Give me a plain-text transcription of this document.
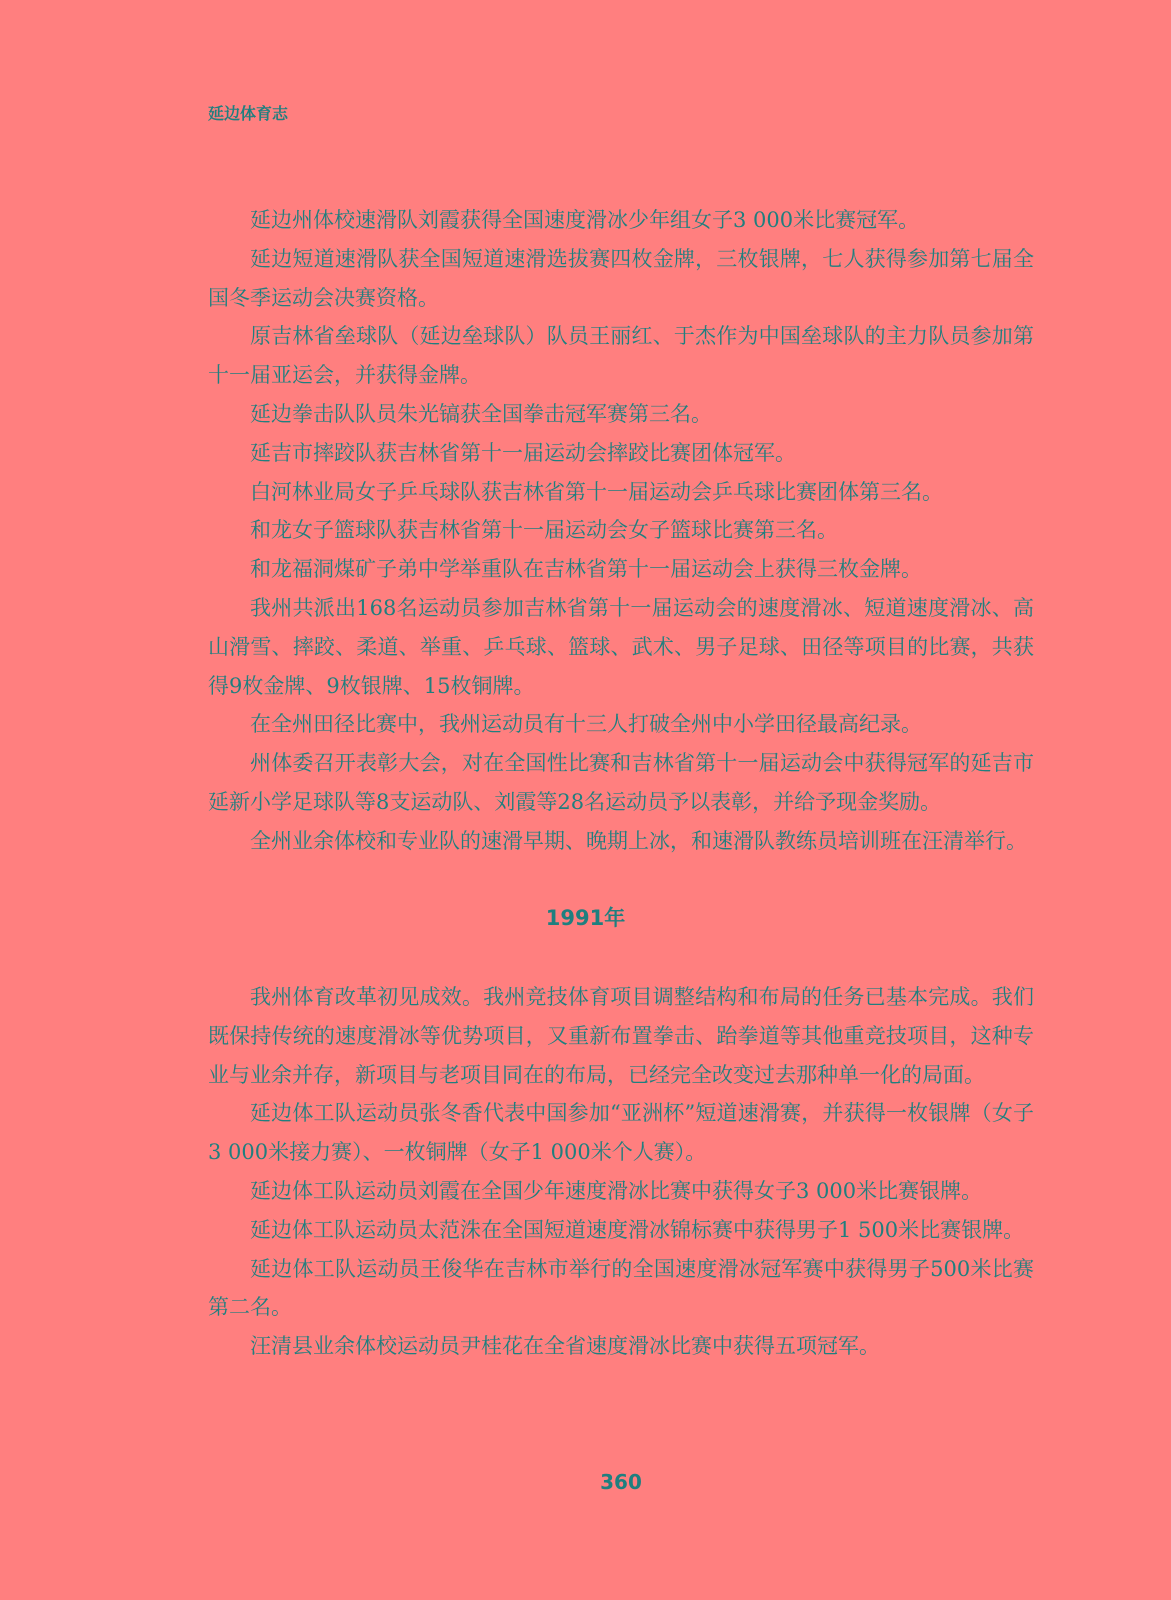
延边体育志

延边州体校速滑队刘霞获得全国速度滑冰少年组女子3 000米比赛冠军。

延边短道速滑队获全国短道速滑选拔赛四枚金牌，三枚银牌，七人获得参加第七届全国冬季运动会决赛资格。

原吉林省垒球队（延边垒球队）队员王丽红、于杰作为中国垒球队的主力队员参加第十一届亚运会，并获得金牌。

延边拳击队队员朱光镐获全国拳击冠军赛第三名。

延吉市摔跤队获吉林省第十一届运动会摔跤比赛团体冠军。

白河林业局女子乒乓球队获吉林省第十一届运动会乒乓球比赛团体第三名。

和龙女子篮球队获吉林省第十一届运动会女子篮球比赛第三名。

和龙福洞煤矿子弟中学举重队在吉林省第十一届运动会上获得三枚金牌。

我州共派出168名运动员参加吉林省第十一届运动会的速度滑冰、短道速度滑冰、高山滑雪、摔跤、柔道、举重、乒乓球、篮球、武术、男子足球、田径等项目的比赛，共获得9枚金牌、9枚银牌、15枚铜牌。

在全州田径比赛中，我州运动员有十三人打破全州中小学田径最高纪录。

州体委召开表彰大会，对在全国性比赛和吉林省第十一届运动会中获得冠军的延吉市延新小学足球队等8支运动队、刘霞等28名运动员予以表彰，并给予现金奖励。

全州业余体校和专业队的速滑早期、晚期上冰，和速滑队教练员培训班在汪清举行。

1991年

我州体育改革初见成效。我州竞技体育项目调整结构和布局的任务已基本完成。我们既保持传统的速度滑冰等优势项目，又重新布置拳击、跆拳道等其他重竞技项目，这种专业与业余并存，新项目与老项目同在的布局，已经完全改变过去那种单一化的局面。

延边体工队运动员张冬香代表中国参加“亚洲杯”短道速滑赛，并获得一枚银牌（女子3 000米接力赛）、一枚铜牌（女子1 000米个人赛）。

延边体工队运动员刘霞在全国少年速度滑冰比赛中获得女子3 000米比赛银牌。

延边体工队运动员太范洙在全国短道速度滑冰锦标赛中获得男子1 500米比赛银牌。

延边体工队运动员王俊华在吉林市举行的全国速度滑冰冠军赛中获得男子500米比赛第二名。

汪清县业余体校运动员尹桂花在全省速度滑冰比赛中获得五项冠军。

360
